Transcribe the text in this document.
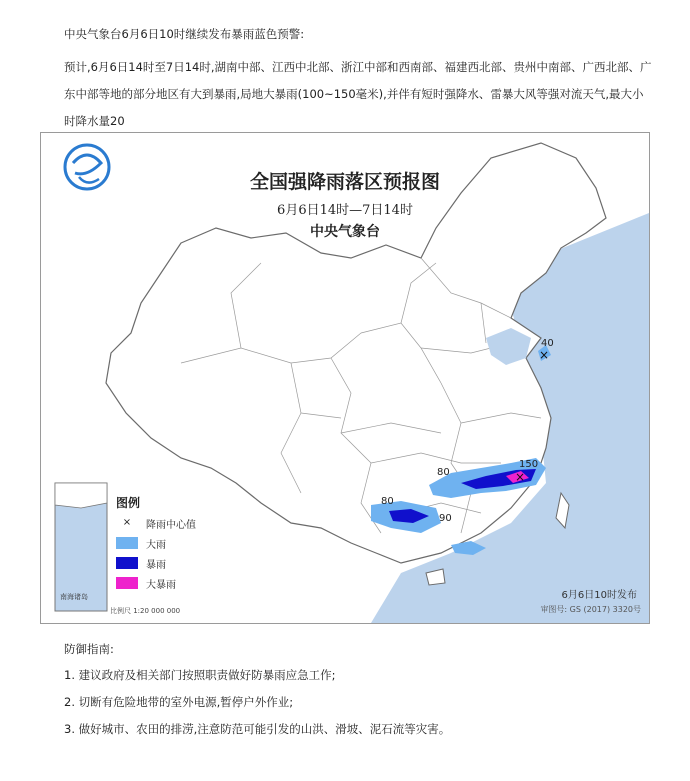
中央气象台6月6日10时继续发布暴雨蓝色预警:
预计,6月6日14时至7日14时,湖南中部、江西中北部、浙江中部和西南部、福建西北部、贵州中南部、广西北部、广东中部等地的部分地区有大到暴雨,局地大暴雨(100~150毫米),并伴有短时强降水、雷暴大风等强对流天气,最大小时降水量20
×
×
40
80
150
80
90
全国强降雨落区预报图
6月6日14时—7日14时
中央气象台
6月6日10时发布
审图号: GS (2017) 3320号
图例
×	降雨中心值
大雨
暴雨
大暴雨
比例尺 1:20 000 000
南海诸岛
防御指南:
1. 建议政府及相关部门按照职责做好防暴雨应急工作;
2. 切断有危险地带的室外电源,暂停户外作业;
3. 做好城市、农田的排涝,注意防范可能引发的山洪、滑坡、泥石流等灾害。
